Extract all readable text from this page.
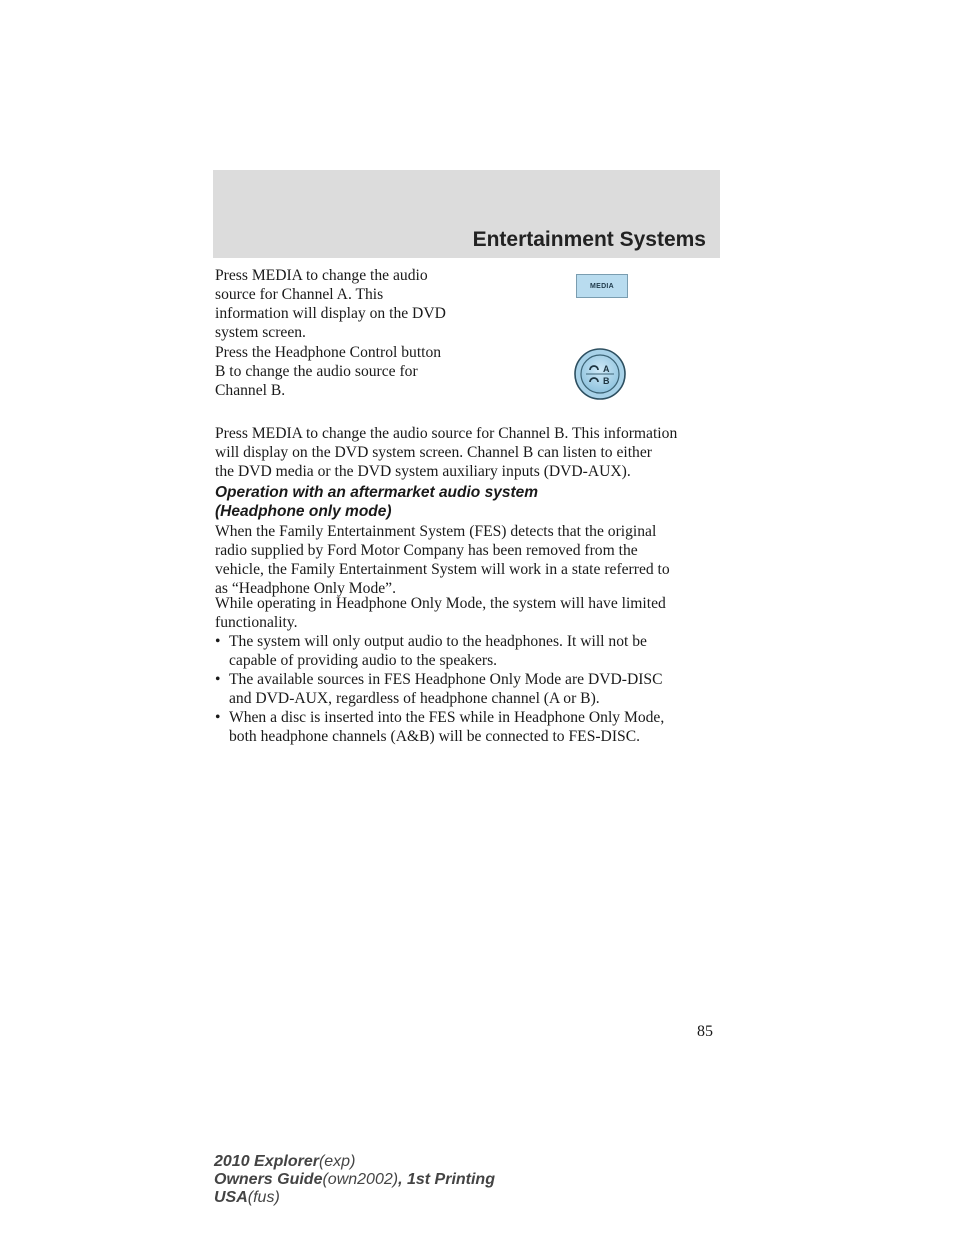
Entertainment Systems

Press MEDIA to change the audio
source for Channel A. This
information will display on the DVD
system screen.

MEDIA

Press the Headphone Control button
B to change the audio source for
Channel B.

A
B

Press MEDIA to change the audio source for Channel B. This information
will display on the DVD system screen. Channel B can listen to either
the DVD media or the DVD system auxiliary inputs (DVD-AUX).

Operation with an aftermarket audio system
(Headphone only mode)

When the Family Entertainment System (FES) detects that the original
radio supplied by Ford Motor Company has been removed from the
vehicle, the Family Entertainment System will work in a state referred to
as “Headphone Only Mode”.

While operating in Headphone Only Mode, the system will have limited
functionality.

• The system will only output audio to the headphones. It will not be
capable of providing audio to the speakers.

• The available sources in FES Headphone Only Mode are DVD-DISC
and DVD-AUX, regardless of headphone channel (A or B).

• When a disc is inserted into the FES while in Headphone Only Mode,
both headphone channels (A&B) will be connected to FES-DISC.

85
2010 Explorer(exp)
Owners Guide(own2002), 1st Printing
USA(fus)
